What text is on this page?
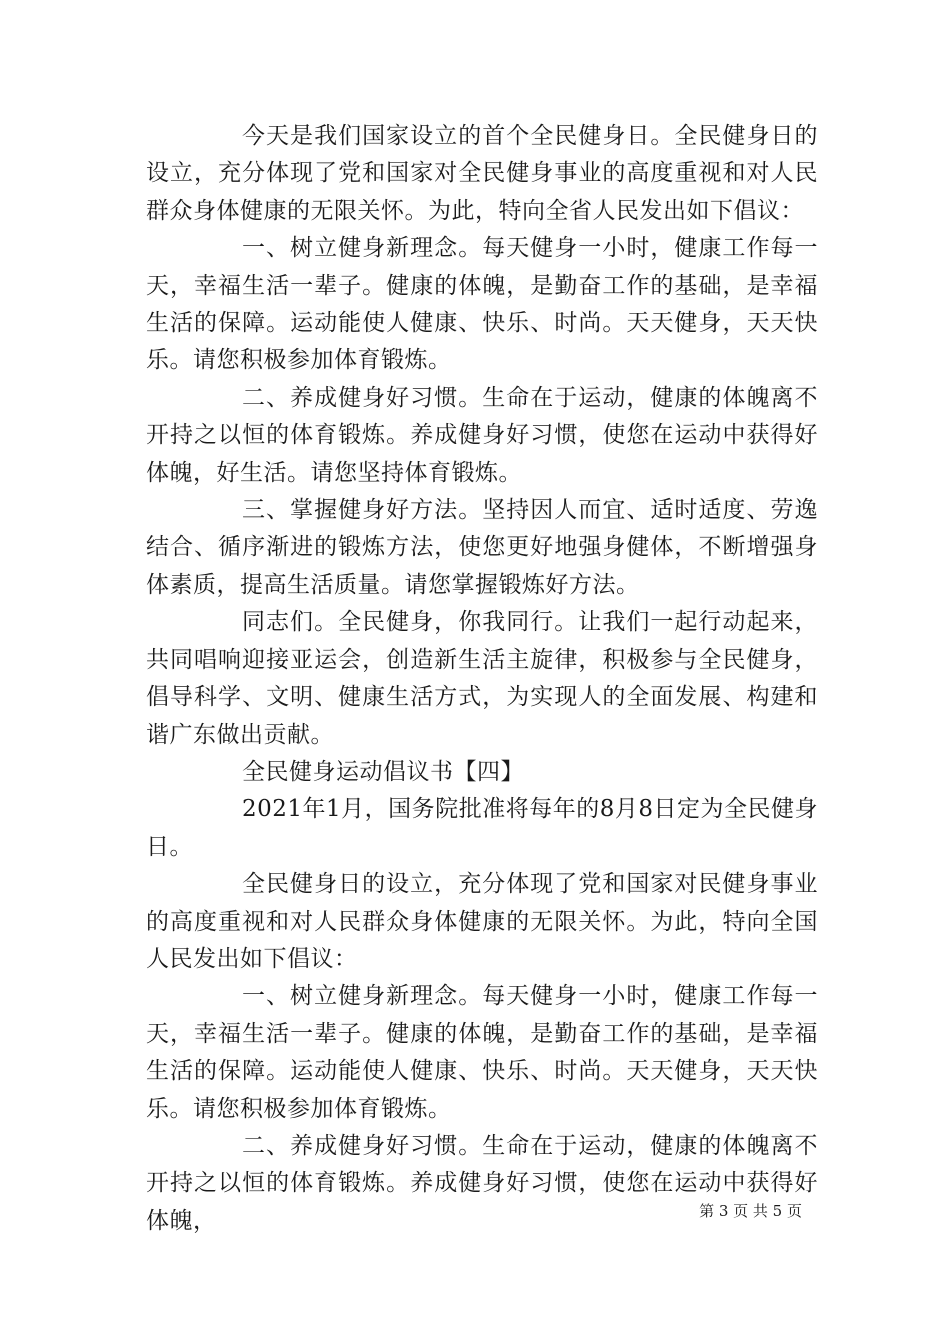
今天是我们国家设立的首个全民健身日。全民健身日的设立，充分体现了党和国家对全民健身事业的高度重视和对人民群众身体健康的无限关怀。为此，特向全省人民发出如下倡议：

一、树立健身新理念。每天健身一小时，健康工作每一天，幸福生活一辈子。健康的体魄，是勤奋工作的基础，是幸福生活的保障。运动能使人健康、快乐、时尚。天天健身，天天快乐。请您积极参加体育锻炼。

二、养成健身好习惯。生命在于运动，健康的体魄离不开持之以恒的体育锻炼。养成健身好习惯，使您在运动中获得好体魄，好生活。请您坚持体育锻炼。

三、掌握健身好方法。坚持因人而宜、适时适度、劳逸结合、循序渐进的锻炼方法，使您更好地强身健体，不断增强身体素质，提高生活质量。请您掌握锻炼好方法。

同志们。全民健身，你我同行。让我们一起行动起来，共同唱响迎接亚运会，创造新生活主旋律，积极参与全民健身，倡导科学、文明、健康生活方式，为实现人的全面发展、构建和谐广东做出贡献。

全民健身运动倡议书【四】

2021年1月，国务院批准将每年的8月8日定为全民健身日。

全民健身日的设立，充分体现了党和国家对民健身事业的高度重视和对人民群众身体健康的无限关怀。为此，特向全国人民发出如下倡议：

一、树立健身新理念。每天健身一小时，健康工作每一天，幸福生活一辈子。健康的体魄，是勤奋工作的基础，是幸福生活的保障。运动能使人健康、快乐、时尚。天天健身，天天快乐。请您积极参加体育锻炼。

二、养成健身好习惯。生命在于运动，健康的体魄离不开持之以恒的体育锻炼。养成健身好习惯，使您在运动中获得好体魄，	第 3 页 共 5 页
